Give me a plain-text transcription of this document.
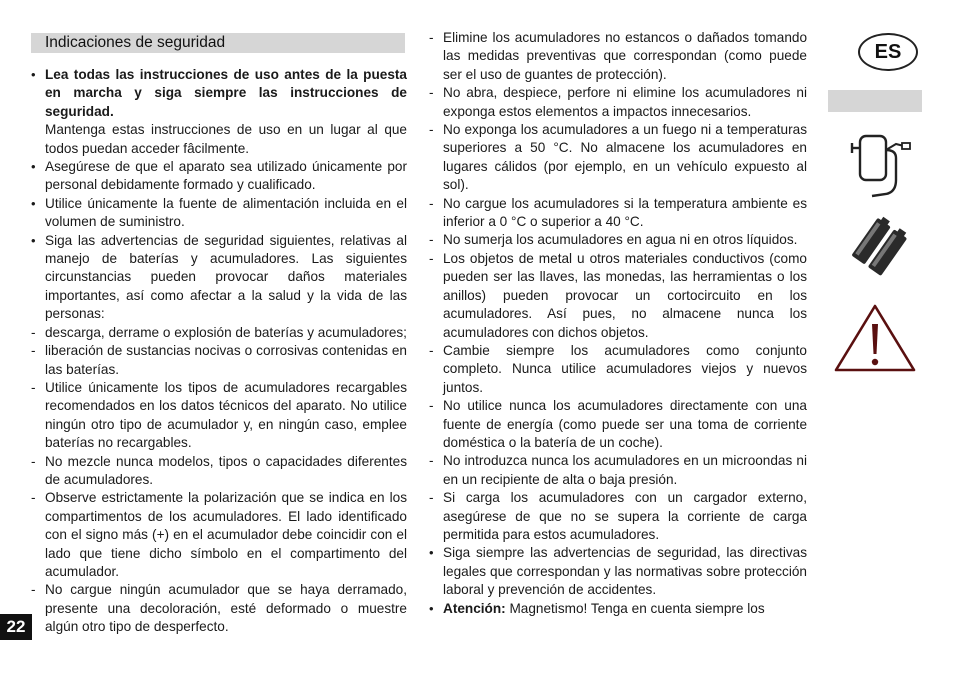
Indicaciones de seguridad
• Lea todas las instrucciones de uso antes de la puesta en marcha y siga siempre las instrucciones de seguridad.
Mantenga estas instrucciones de uso en un lugar al que todos puedan acceder fâcilmente.
• Asegúrese de que el aparato sea utilizado únicamente por personal debidamente formado y cualificado.
• Utilice únicamente la fuente de alimentación incluida en el volumen de suministro.
• Siga las advertencias de seguridad siguientes, relativas al manejo de baterías y acumuladores. Las siguientes circunstancias pueden provocar daños materiales importantes, así como afectar a la salud y la vida de las personas:
- descarga, derrame o explosión de baterías y acumuladores;
- liberación de sustancias nocivas o corrosivas contenidas en las baterías.
- Utilice únicamente los tipos de acumuladores recargables recomendados en los datos técnicos del aparato. No utilice ningún otro tipo de acumulador y, en ningún caso, emplee baterías no recargables.
- No mezcle nunca modelos, tipos o capacidades diferentes de acumuladores.
- Observe estrictamente la polarización que se indica en los compartimentos de los acumuladores. El lado identificado con el signo más (+) en el acumulador debe coincidir con el lado que tiene dicho símbolo en el compartimento del acumulador.
- No cargue ningún acumulador que se haya derramado, presente una decoloración, esté deformado o muestre algún otro tipo de desperfecto.
- Elimine los acumuladores no estancos o dañados tomando las medidas preventivas que correspondan (como puede ser el uso de guantes de protección).
- No abra, despiece, perfore ni elimine los acumuladores ni exponga estos elementos a impactos innecesarios.
- No exponga los acumuladores a un fuego ni a temperaturas superiores a 50 °C. No almacene los acumuladores en lugares cálidos (por ejemplo, en un vehículo expuesto al sol).
- No cargue los acumuladores si la temperatura ambiente es inferior a 0 °C o superior a 40 °C.
- No sumerja los acumuladores en agua ni en otros líquidos.
- Los objetos de metal u otros materiales conductivos (como pueden ser las llaves, las monedas, las herramientas o los anillos) pueden provocar un cortocircuito en los acumuladores. Así pues, no almacene nunca los acumuladores con dichos objetos.
- Cambie siempre los acumuladores como conjunto completo. Nunca utilice acumuladores viejos y nuevos juntos.
- No utilice nunca los acumuladores directamente con una fuente de energía (como puede ser una toma de corriente doméstica o la batería de un coche).
- No introduzca nunca los acumuladores en un microondas ni en un recipiente de alta o baja presión.
- Si carga los acumuladores con un cargador externo, asegúrese de que no se supera la corriente de carga permitida para estos acumuladores.
• Siga siempre las advertencias de seguridad, las directivas legales que correspondan y las normativas sobre protección laboral y prevención de accidentes.
• Atención: Magnetismo! Tenga en cuenta siempre los
ES
22
